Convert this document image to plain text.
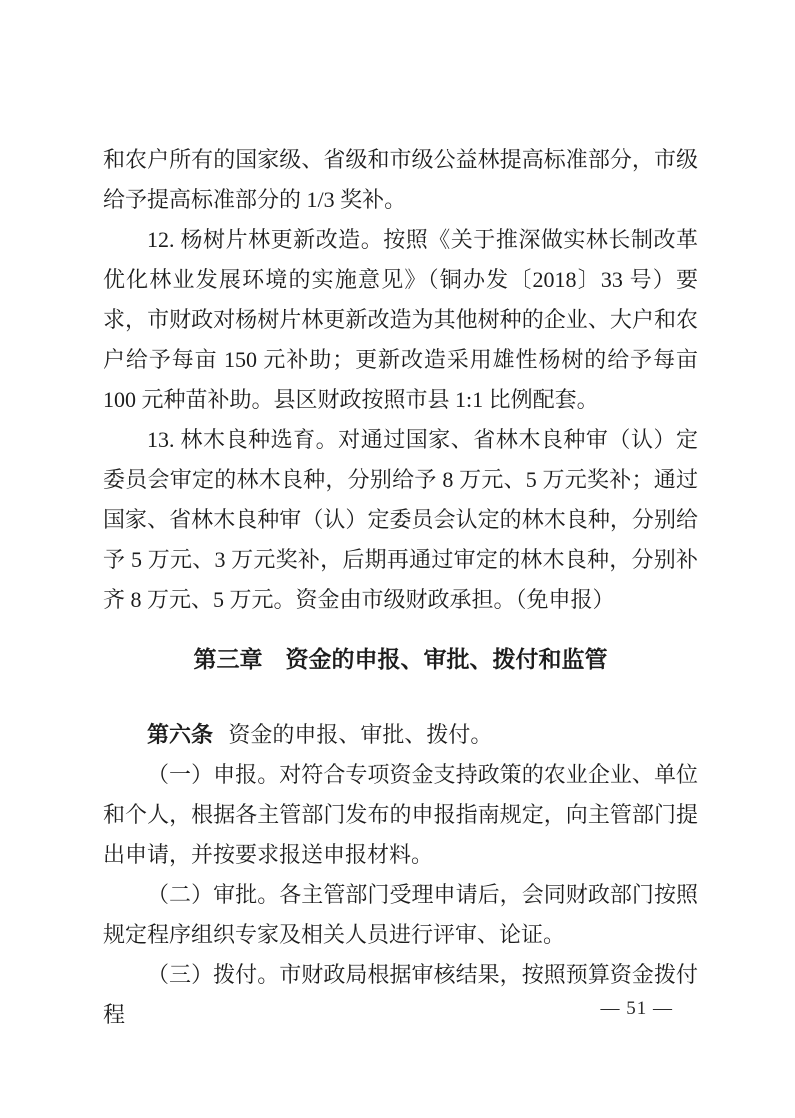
和农户所有的国家级、省级和市级公益林提高标准部分，市级给予提高标准部分的 1/3 奖补。

12. 杨树片林更新改造。按照《关于推深做实林长制改革优化林业发展环境的实施意见》（铜办发〔2018〕33 号）要求，市财政对杨树片林更新改造为其他树种的企业、大户和农户给予每亩 150 元补助；更新改造采用雄性杨树的给予每亩 100 元种苗补助。县区财政按照市县 1:1 比例配套。

13. 林木良种选育。对通过国家、省林木良种审（认）定委员会审定的林木良种，分别给予 8 万元、5 万元奖补；通过国家、省林木良种审（认）定委员会认定的林木良种，分别给予 5 万元、3 万元奖补，后期再通过审定的林木良种，分别补齐 8 万元、5 万元。资金由市级财政承担。（免申报）

第三章　资金的申报、审批、拨付和监管

第六条 资金的申报、审批、拨付。

（一）申报。对符合专项资金支持政策的农业企业、单位和个人，根据各主管部门发布的申报指南规定，向主管部门提出申请，并按要求报送申报材料。

（二）审批。各主管部门受理申请后，会同财政部门按照规定程序组织专家及相关人员进行评审、论证。

（三）拨付。市财政局根据审核结果，按照预算资金拨付程	— 51 —
